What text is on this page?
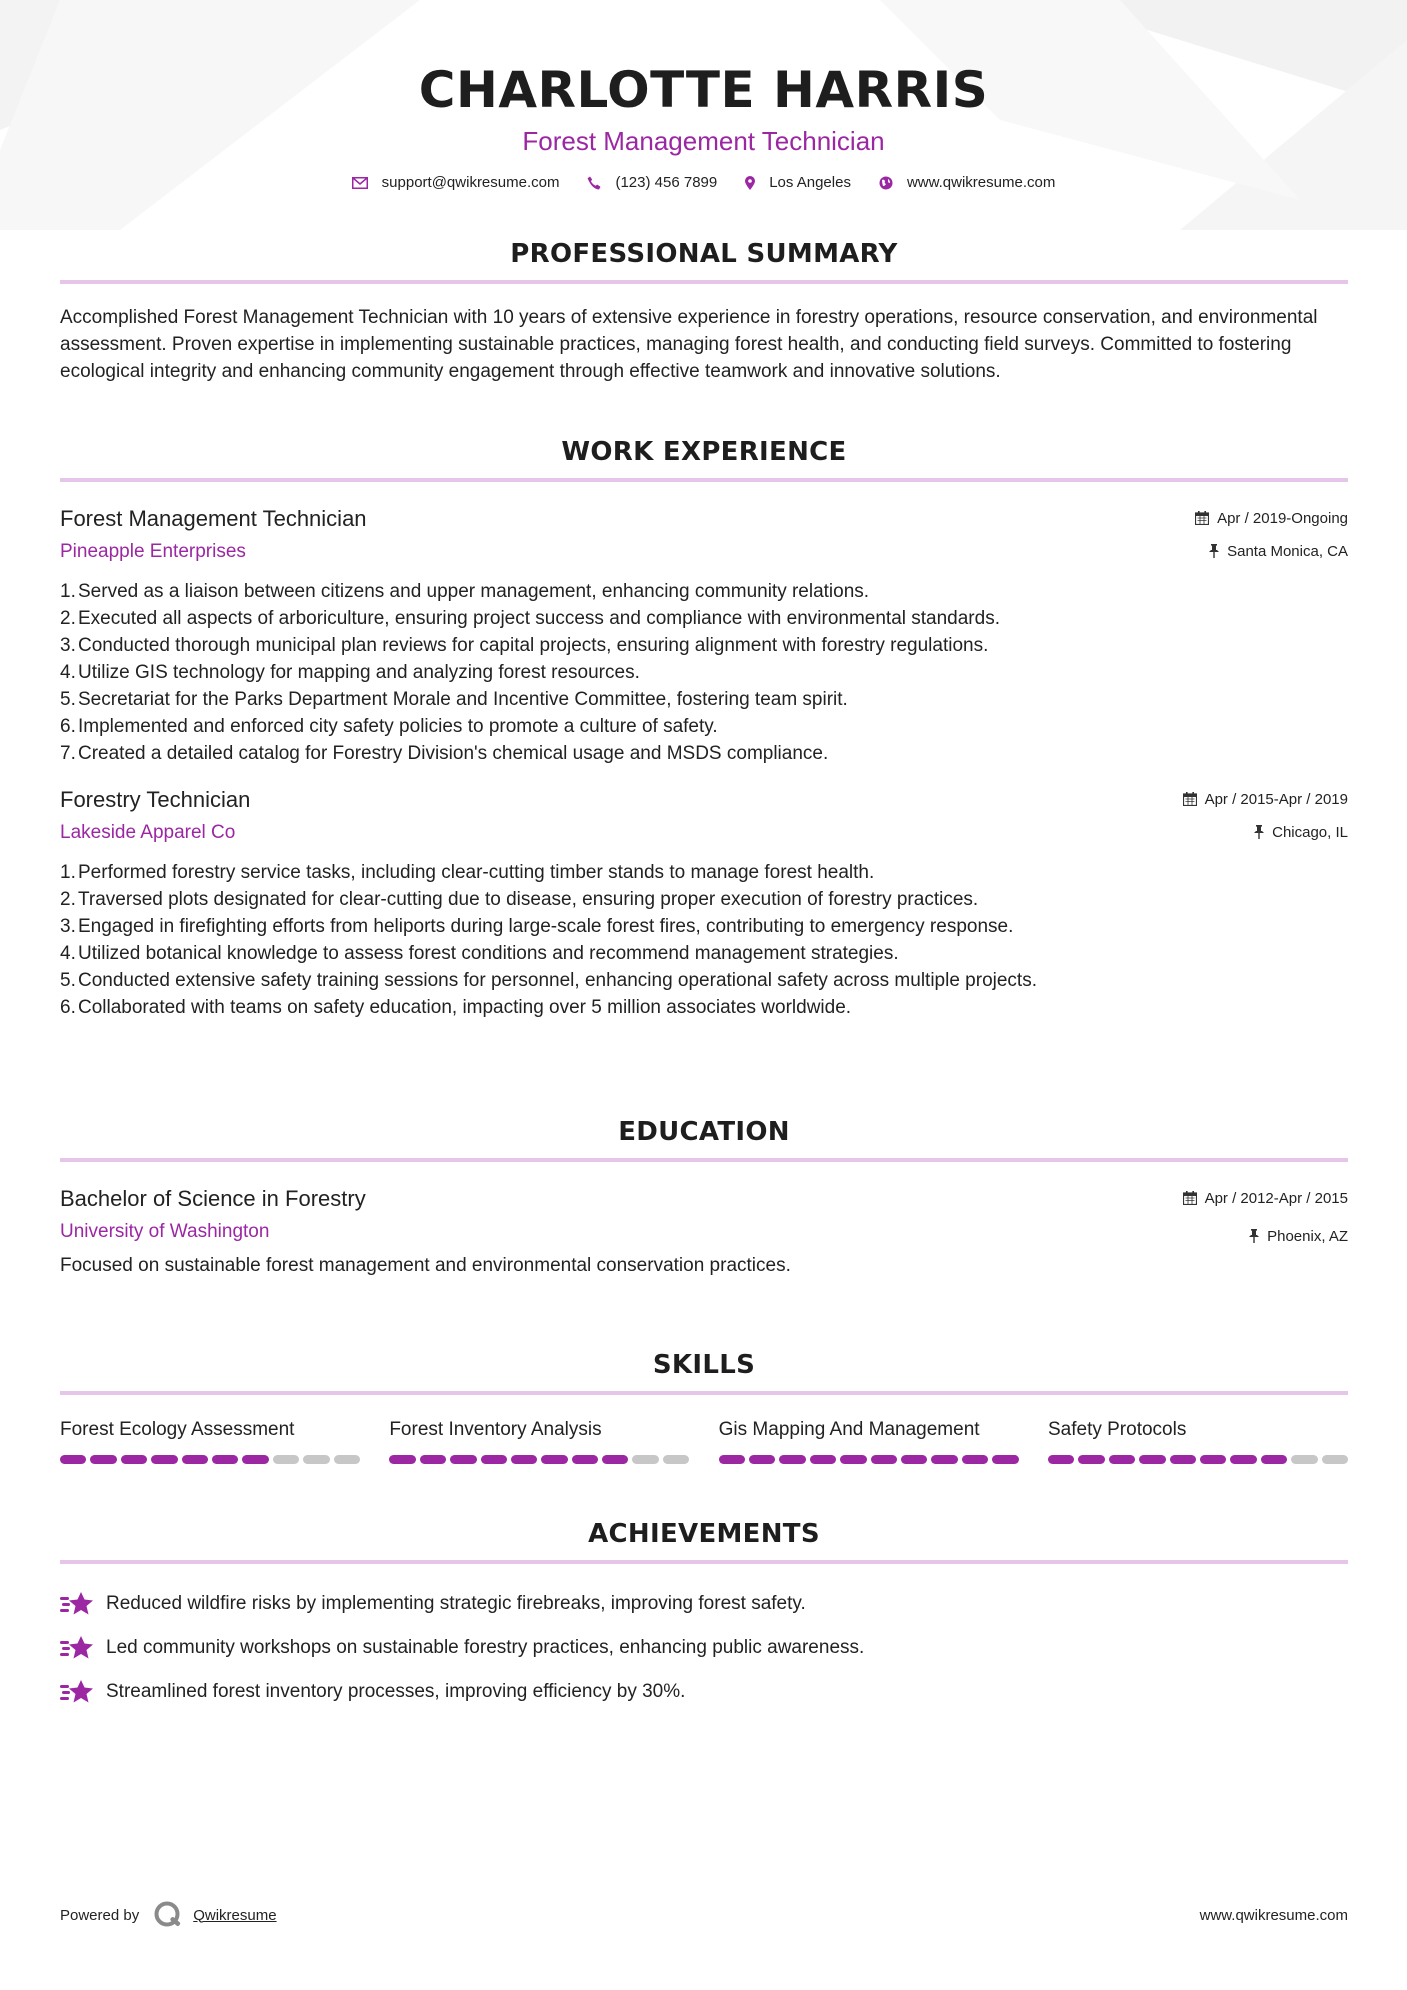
CHARLOTTE HARRIS
Forest Management Technician
support@qwikresume.com	(123) 456 7899	Los Angeles	www.qwikresume.com
PROFESSIONAL SUMMARY

Accomplished Forest Management Technician with 10 years of extensive experience in forestry operations, resource conservation, and environmental assessment. Proven expertise in implementing sustainable practices, managing forest health, and conducting field surveys. Committed to fostering ecological integrity and enhancing community engagement through effective teamwork and innovative solutions.

WORK EXPERIENCE
Forest Management Technician
Pineapple Enterprises
Apr / 2019-Ongoing
Santa Monica, CA
1. Served as a liaison between citizens and upper management, enhancing community relations.
2. Executed all aspects of arboriculture, ensuring project success and compliance with environmental standards.
3. Conducted thorough municipal plan reviews for capital projects, ensuring alignment with forestry regulations.
4. Utilize GIS technology for mapping and analyzing forest resources.
5. Secretariat for the Parks Department Morale and Incentive Committee, fostering team spirit.
6. Implemented and enforced city safety policies to promote a culture of safety.
7. Created a detailed catalog for Forestry Division's chemical usage and MSDS compliance.
Forestry Technician
Lakeside Apparel Co
Apr / 2015-Apr / 2019
Chicago, IL
1. Performed forestry service tasks, including clear-cutting timber stands to manage forest health.
2. Traversed plots designated for clear-cutting due to disease, ensuring proper execution of forestry practices.
3. Engaged in firefighting efforts from heliports during large-scale forest fires, contributing to emergency response.
4. Utilized botanical knowledge to assess forest conditions and recommend management strategies.
5. Conducted extensive safety training sessions for personnel, enhancing operational safety across multiple projects.
6. Collaborated with teams on safety education, impacting over 5 million associates worldwide.
EDUCATION
Bachelor of Science in Forestry
University of Washington
Apr / 2012-Apr / 2015
Phoenix, AZ

Focused on sustainable forest management and environmental conservation practices.

SKILLS
Forest Ecology Assessment	Forest Inventory Analysis	Gis Mapping And Management	Safety Protocols
ACHIEVEMENTS
Reduced wildfire risks by implementing strategic firebreaks, improving forest safety.
Led community workshops on sustainable forestry practices, enhancing public awareness.
Streamlined forest inventory processes, improving efficiency by 30%.
Powered by	Qwikresume	www.qwikresume.com
